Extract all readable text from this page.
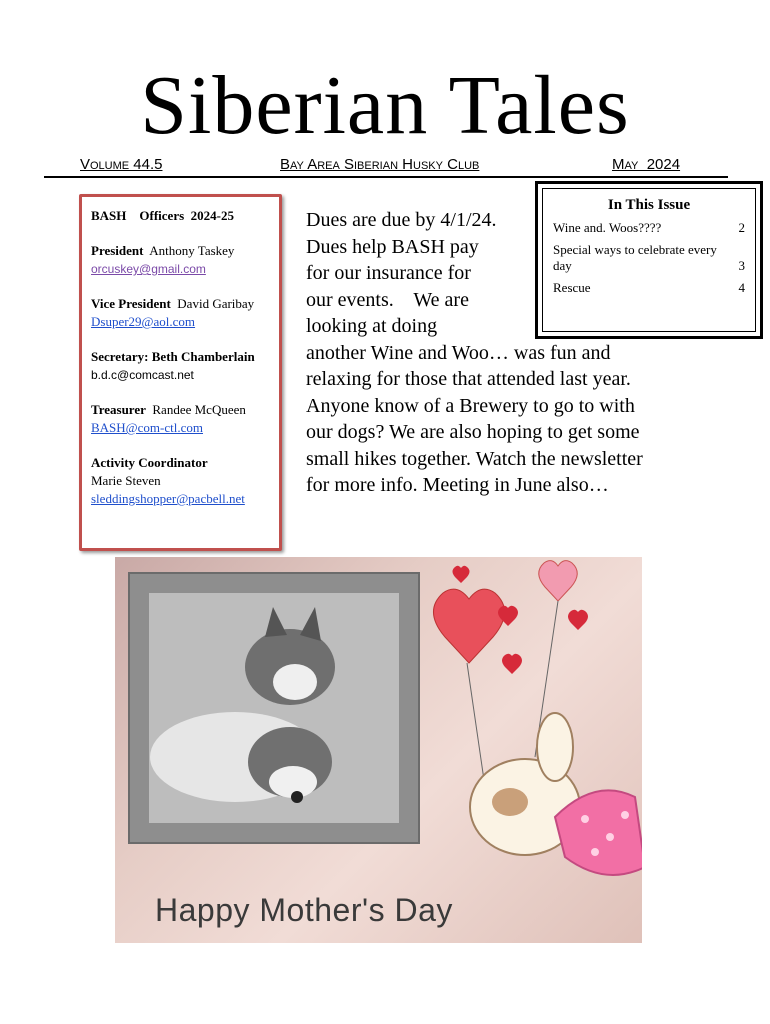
Siberian Tales
Volume 44.5	Bay Area Siberian Husky Club	May  2024
BASH    Officers  2024-25
President Anthony Taskey
orcuskey@gmail.com
Vice President David Garibay
Dsuper29@aol.com
Secretary: Beth Chamberlain
b.d.c@comcast.net
Treasurer Randee McQueen
BASH@com-ctl.com
Activity Coordinator
Marie Steven
sleddingshopper@pacbell.net
In This Issue
Wine and. Woos????	2
Special ways to celebrate every day	3
Rescue	4

Dues are due by 4/1/24.

Dues help BASH pay

for our insurance for

our events.    We are

looking at doing

another Wine and Woo… was fun and

relaxing for those that attended last year.

Anyone know of a Brewery to go to with

our dogs? We are also hoping to get some

small hikes together. Watch the newsletter

for more info. Meeting in June also…

Happy Mother's Day
